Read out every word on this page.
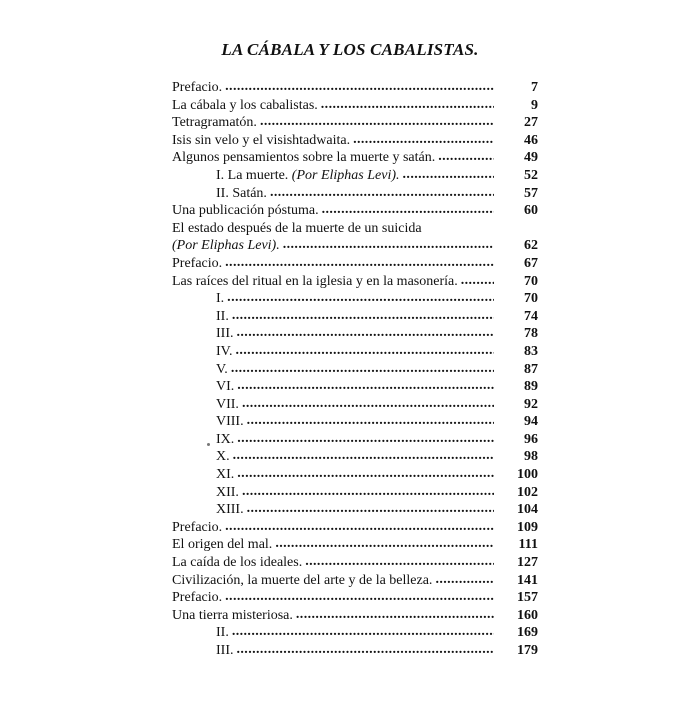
LA CÁBALA Y LOS CABALISTAS.
Prefacio. .....	7
La cábala y los cabalistas. .....	9
Tetragramatón. .....	27
Isis sin velo y el visishtadwaita. .....	46
Algunos pensamientos sobre la muerte y satán. .....	49
I. La muerte. (Por Eliphas Levi). .....	52
II. Satán. .....	57
Una publicación póstuma. .....	60
El estado después de la muerte de un suicida
(Por Eliphas Levi). .....	62
Prefacio. .....	67
Las raíces del ritual en la iglesia y en la masonería. .....	70
I. .....	70
II. .....	74
III. .....	78
IV. .....	83
V. .....	87
VI. .....	89
VII. .....	92
VIII. .....	94
IX. .....	96
X. .....	98
XI. .....	100
XII. .....	102
XIII. .....	104
Prefacio. .....	109
El origen del mal. .....	111
La caída de los ideales. .....	127
Civilización, la muerte del arte y de la belleza. .....	141
Prefacio. .....	157
Una tierra misteriosa. .....	160
II. .....	169
III. .....	179
